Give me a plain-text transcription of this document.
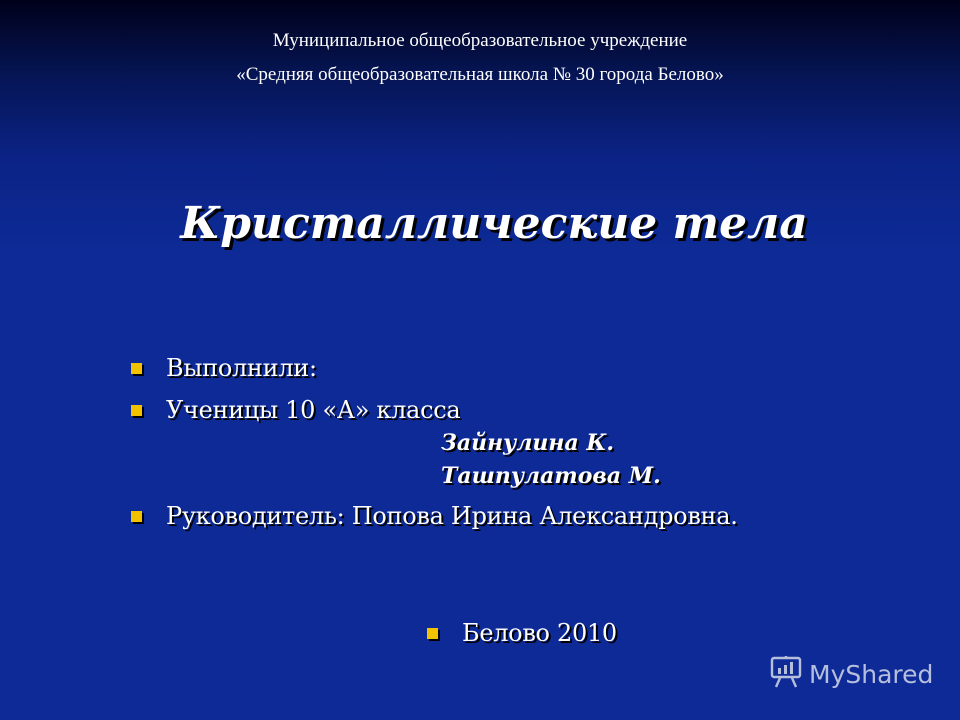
Муниципальное общеобразовательное учреждение
«Средняя общеобразовательная школа № 30 города Белово»
Кристаллические тела
Выполнили:
Ученицы 10 «А» класса
Зайнулина К.
Ташпулатова М.
Руководитель: Попова Ирина Александровна.
Белово 2010
MyShared
